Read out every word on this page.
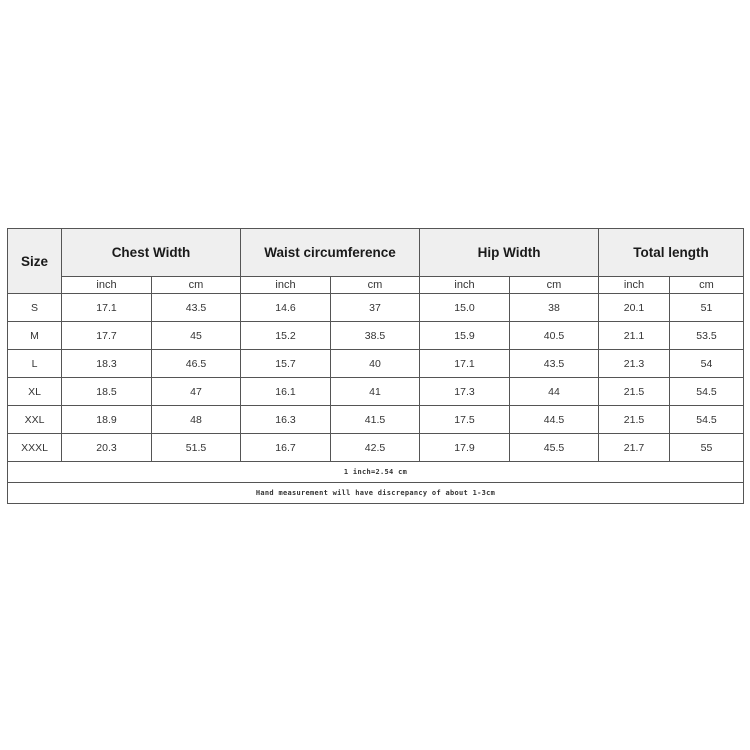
Size	Chest Width		Waist circumference		Hip Width		Total length	
	inch	cm	inch	cm	inch	cm	inch	cm
S	17.1	43.5	14.6	37	15.0	38	20.1	51
M	17.7	45	15.2	38.5	15.9	40.5	21.1	53.5
L	18.3	46.5	15.7	40	17.1	43.5	21.3	54
XL	18.5	47	16.1	41	17.3	44	21.5	54.5
XXL	18.9	48	16.3	41.5	17.5	44.5	21.5	54.5
XXXL	20.3	51.5	16.7	42.5	17.9	45.5	21.7	55
1 inch=2.54 cm								
Hand measurement will have discrepancy of about 1-3cm								
